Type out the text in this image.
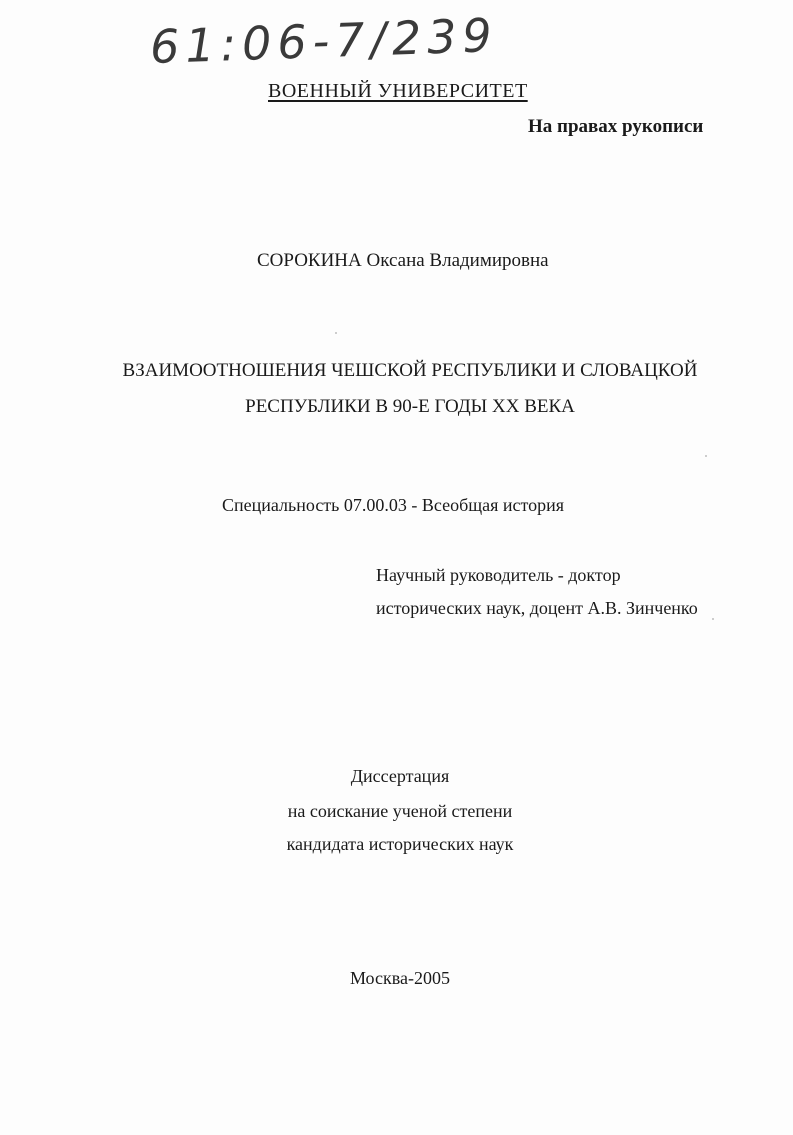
61:06-7/239
ВОЕННЫЙ УНИВЕРСИТЕТ
На правах рукописи
СОРОКИНА Оксана Владимировна
ВЗАИМООТНОШЕНИЯ ЧЕШСКОЙ РЕСПУБЛИКИ И СЛОВАЦКОЙ
РЕСПУБЛИКИ В 90-Е ГОДЫ XX ВЕКА
Специальность 07.00.03 - Всеобщая история
Научный руководитель - доктор
исторических наук, доцент А.В. Зинченко
Диссертация
на соискание ученой степени
кандидата исторических наук
Москва-2005
